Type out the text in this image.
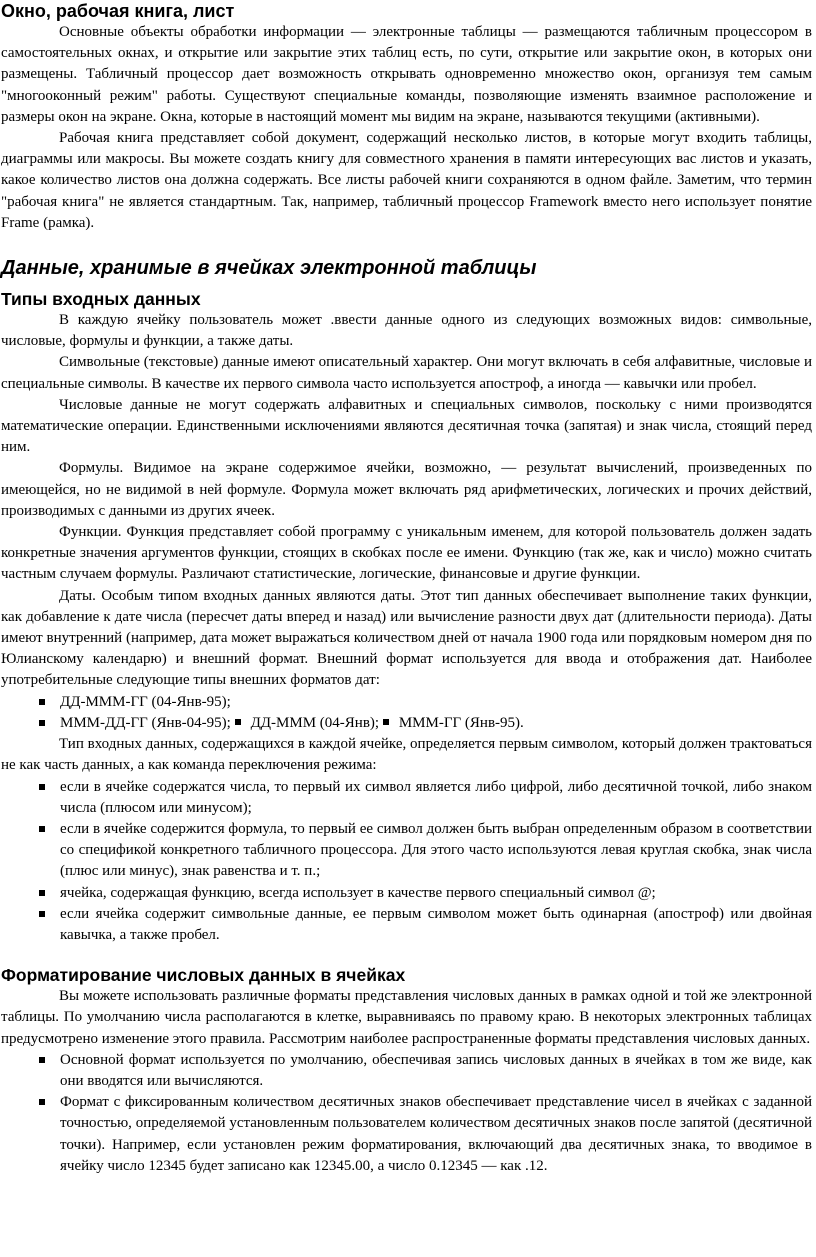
Окно, рабочая книга, лист

Основные объекты обработки информации — электронные таблицы — размещаются табличным процессором в самостоятельных окнах, и открытие или закрытие этих таблиц есть, по сути, открытие или закрытие окон, в которых они размещены. Табличный процессор дает возможность открывать одновременно множество окон, организуя тем самым "многооконный режим" работы. Существуют специальные команды, позволяющие изменять взаимное расположение и размеры окон на экране. Окна, которые в настоящий момент мы видим на экране, называются текущими (активными).

Рабочая книга представляет собой документ, содержащий несколько листов, в которые могут входить таблицы, диаграммы или макросы. Вы можете создать книгу для совместного хранения в памяти интересующих вас листов и указать, какое количество листов она должна содержать. Все листы рабочей книги сохраняются в одном файле. Заметим, что термин "рабочая книга" не является стандартным. Так, например, табличный процессор Framework вместо него использует понятие Frame (рамка).

Данные, хранимые в ячейках электронной таблицы
Типы входных данных

В каждую ячейку пользователь может .ввести данные одного из следующих возможных видов: символьные, числовые, формулы и функции, а также даты.

Символьные (текстовые) данные имеют описательный характер. Они могут включать в себя алфавитные, числовые и специальные символы. В качестве их первого символа часто используется апостроф, а иногда — кавычки или пробел.

Числовые данные не могут содержать алфавитных и специальных символов, поскольку с ними производятся математические операции. Единственными исключениями являются десятичная точка (запятая) и знак числа, стоящий перед ним.

Формулы. Видимое на экране содержимое ячейки, возможно, — результат вычислений, произведенных по имеющейся, но не видимой в ней формуле. Формула может включать ряд арифметических, логических и прочих действий, производимых с данными из других ячеек.

Функции. Функция представляет собой программу с уникальным именем, для которой пользователь должен задать конкретные значения аргументов функции, стоящих в скобках после ее имени. Функцию (так же, как и число) можно считать частным случаем формулы. Различают статистические, логические, финансовые и другие функции.

Даты. Особым типом входных данных являются даты. Этот тип данных обеспечивает выполнение таких функции, как добавление к дате числа (пересчет даты вперед и назад) или вычисление разности двух дат (длительности периода). Даты имеют внутренний (например, дата может выражаться количеством дней от начала 1900 года или порядковым номером дня по Юлианскому календарю) и внешний формат. Внешний формат используется для ввода и отображения дат. Наиболее употребительные следующие типы внешних форматов дат:

ДД-МММ-ГГ (04-Янв-95);
ММM-ДД-ГГ (Янв-04-95); ДД-МММ (04-Янв); МММ-ГГ (Янв-95).

Тип входных данных, содержащихся в каждой ячейке, определяется первым символом, который должен трактоваться не как часть данных, а как команда переключения режима:

если в ячейке содержатся числа, то первый их символ является либо цифрой, либо десятичной точкой, либо знаком числа (плюсом или минусом);
если в ячейке содержится формула, то первый ее символ должен быть выбран определенным образом в соответствии со спецификой конкретного табличного процессора. Для этого часто используются левая круглая скобка, знак числа (плюс или минус), знак равенства и т. п.;
ячейка, содержащая функцию, всегда использует в качестве первого специальный символ @;
если ячейка содержит символьные данные, ее первым символом может быть одинарная (апостроф) или двойная кавычка, а также пробел.
Форматирование числовых данных в ячейках

Вы можете использовать различные форматы представления числовых данных в рамках одной и той же электронной таблицы. По умолчанию числа располагаются в клетке, выравниваясь по правому краю. В некоторых электронных таблицах предусмотрено изменение этого правила. Рассмотрим наиболее распространенные форматы представления числовых данных.

Основной формат используется по умолчанию, обеспечивая запись числовых данных в ячейках в том же виде, как они вводятся или вычисляются.
Формат с фиксированным количеством десятичных знаков обеспечивает представление чисел в ячейках с заданной точностью, определяемой установленным пользователем количеством десятичных знаков после запятой (десятичной точки). Например, если установлен режим форматирования, включающий два десятичных знака, то вводимое в ячейку число 12345 будет записано как 12345.00, а число 0.12345 — как .12.
